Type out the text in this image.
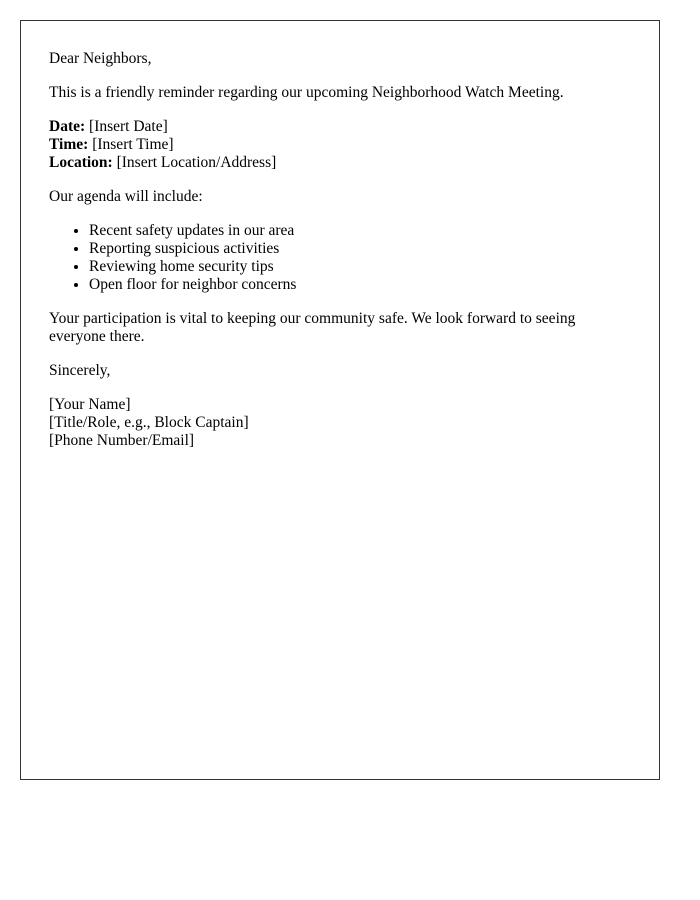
Dear Neighbors,

This is a friendly reminder regarding our upcoming Neighborhood Watch Meeting.

Date: [Insert Date]
Time: [Insert Time]
Location: [Insert Location/Address]

Our agenda will include:

• Recent safety updates in our area
• Reporting suspicious activities
• Reviewing home security tips
• Open floor for neighbor concerns

Your participation is vital to keeping our community safe. We look forward to seeing everyone there.

Sincerely,

[Your Name]
[Title/Role, e.g., Block Captain]
[Phone Number/Email]
